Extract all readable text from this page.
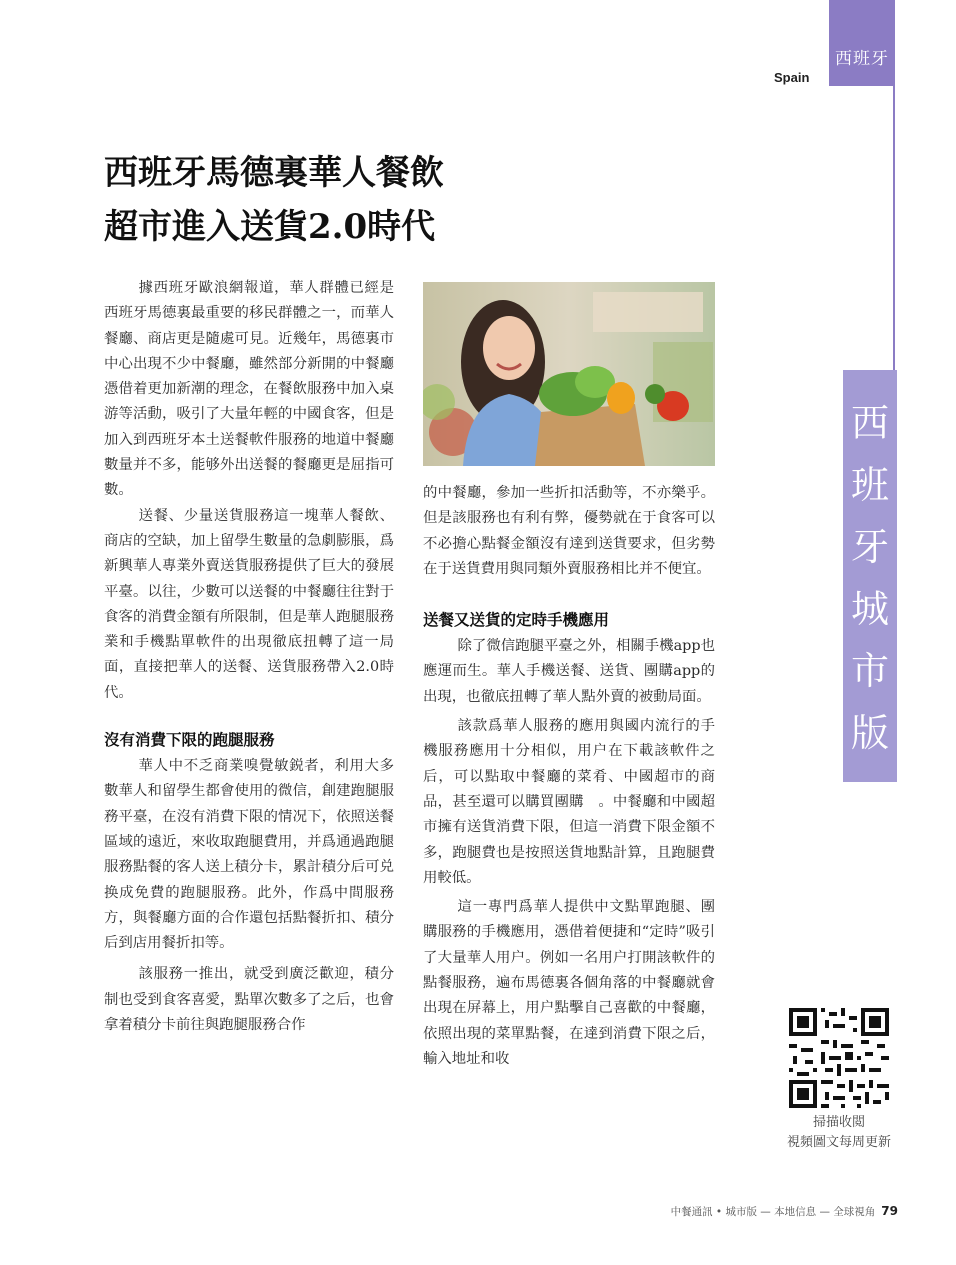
西班牙
Spain
西班牙城市版
西班牙馬德裏華人餐飲
超市進入送貨2.0時代

據西班牙歐浪網報道，華人群體已經是西班牙馬德裏最重要的移民群體之一，而華人餐廳、商店更是隨處可見。近幾年，馬德裏市中心出現不少中餐廳，雖然部分新開的中餐廳憑借着更加新潮的理念，在餐飲服務中加入桌游等活動，吸引了大量年輕的中國食客，但是加入到西班牙本土送餐軟件服務的地道中餐廳數量并不多，能够外出送餐的餐廳更是屈指可數。

送餐、少量送貨服務這一塊華人餐飲、商店的空缺，加上留學生數量的急劇膨脹，爲新興華人專業外賣送貨服務提供了巨大的發展平臺。以往，少數可以送餐的中餐廳往往對于食客的消費金額有所限制，但是華人跑腿服務業和手機點單軟件的出現徹底扭轉了這一局面，直接把華人的送餐、送貨服務帶入2.0時代。

沒有消費下限的跑腿服務

華人中不乏商業嗅覺敏鋭者，利用大多數華人和留學生都會使用的微信，創建跑腿服務平臺，在沒有消費下限的情况下，依照送餐區域的遠近，來收取跑腿費用，并爲通過跑腿服務點餐的客人送上積分卡，累計積分后可兑换成免費的跑腿服務。此外，作爲中間服務方，與餐廳方面的合作還包括點餐折扣、積分后到店用餐折扣等。

該服務一推出，就受到廣泛歡迎，積分制也受到食客喜愛，點單次數多了之后，也會拿着積分卡前往與跑腿服務合作

的中餐廳，參加一些折扣活動等，不亦樂乎。但是該服務也有利有弊，優勢就在于食客可以不必擔心點餐金額沒有達到送貨要求，但劣勢在于送貨費用與同類外賣服務相比并不便宜。

送餐又送貨的定時手機應用

除了微信跑腿平臺之外，相關手機app也應運而生。華人手機送餐、送貨、團購app的出現，也徹底扭轉了華人點外賣的被動局面。

該款爲華人服務的應用與國内流行的手機服務應用十分相似，用户在下載該軟件之后，可以點取中餐廳的菜肴、中國超市的商品，甚至還可以購買團購　。中餐廳和中國超市擁有送貨消費下限，但這一消費下限金額不多，跑腿費也是按照送貨地點計算，且跑腿費用較低。

這一專門爲華人提供中文點單跑腿、團購服務的手機應用，憑借着便捷和“定時”吸引了大量華人用户。例如一名用户打開該軟件的點餐服務，遍布馬德裏各個角落的中餐廳就會出現在屏幕上，用户點擊自己喜歡的中餐廳，依照出現的菜單點餐，在達到消費下限之后，輸入地址和收

掃描收閲
視頻圖文每周更新
中餐通訊 • 城市版 — 本地信息 — 全球視角 79
